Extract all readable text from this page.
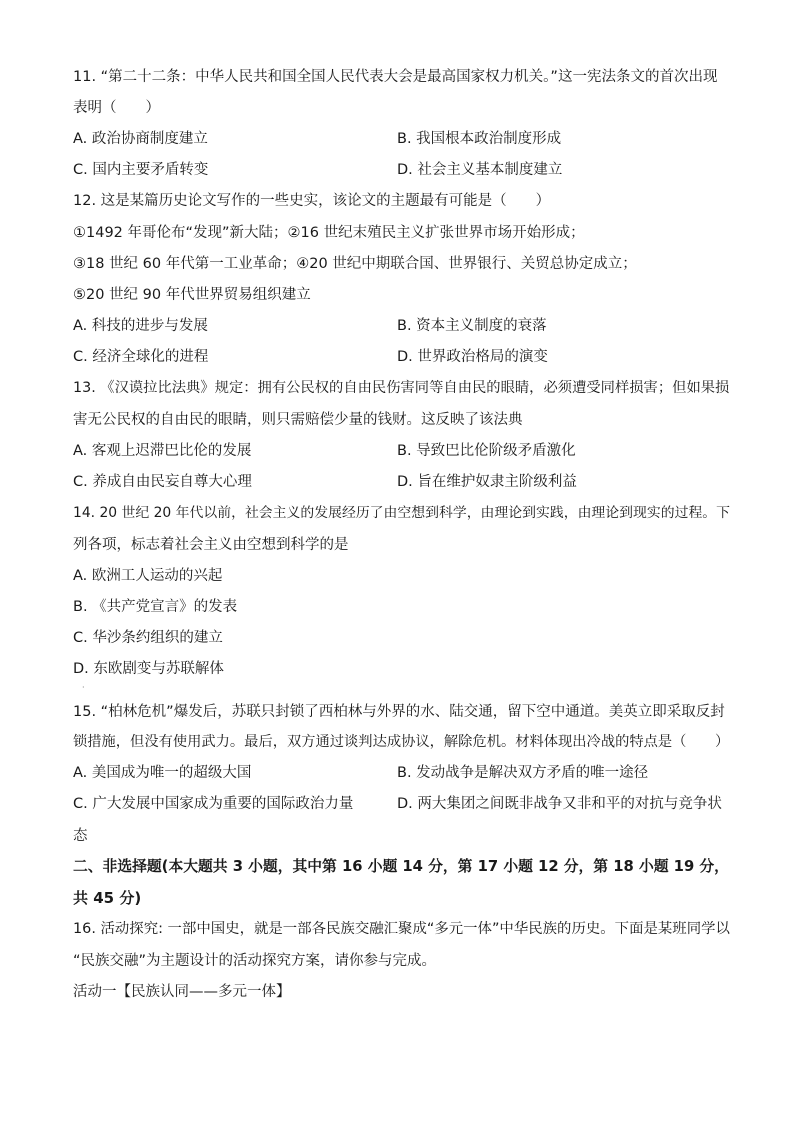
11. “第二十二条：中华人民共和国全国人民代表大会是最高国家权力机关。”这一宪法条文的首次出现
表明（　　）
A. 政治协商制度建立	B. 我国根本政治制度形成
C. 国内主要矛盾转变	D. 社会主义基本制度建立
12. 这是某篇历史论文写作的一些史实，该论文的主题最有可能是（　　）
①1492 年哥伦布“发现”新大陆；②16 世纪末殖民主义扩张世界市场开始形成；
③18 世纪 60 年代第一工业革命；④20 世纪中期联合国、世界银行、关贸总协定成立；
⑤20 世纪 90 年代世界贸易组织建立
A. 科技的进步与发展	B. 资本主义制度的衰落
C. 经济全球化的进程	D. 世界政治格局的演变
13. 《汉谟拉比法典》规定：拥有公民权的自由民伤害同等自由民的眼睛，必须遭受同样损害；但如果损
害无公民权的自由民的眼睛，则只需赔偿少量的钱财。这反映了该法典
A. 客观上迟滞巴比伦的发展	B. 导致巴比伦阶级矛盾激化
C. 养成自由民妄自尊大心理	D. 旨在维护奴隶主阶级利益
14. 20 世纪 20 年代以前，社会主义的发展经历了由空想到科学，由理论到实践，由理论到现实的过程。下
列各项，标志着社会主义由空想到科学的是
A. 欧洲工人运动的兴起
B. 《共产党宣言》的发表
C. 华沙条约组织的建立
D. 东欧剧变与苏联解体
·
15. “柏林危机”爆发后，苏联只封锁了西柏林与外界的水、陆交通，留下空中通道。美英立即采取反封
锁措施，但没有使用武力。最后，双方通过谈判达成协议，解除危机。材料体现出冷战的特点是（　　）
A. 美国成为唯一的超级大国	B. 发动战争是解决双方矛盾的唯一途径
C. 广大发展中国家成为重要的国际政治力量	D. 两大集团之间既非战争又非和平的对抗与竞争状
态
二、非选择题(本大题共 3 小题，其中第 16 小题 14 分，第 17 小题 12 分，第 18 小题 19 分，
共 45 分)
16. 活动探究: 一部中国史，就是一部各民族交融汇聚成“多元一体”中华民族的历史。下面是某班同学以
“民族交融”为主题设计的活动探究方案，请你参与完成。
活动一【民族认同——多元一体】
